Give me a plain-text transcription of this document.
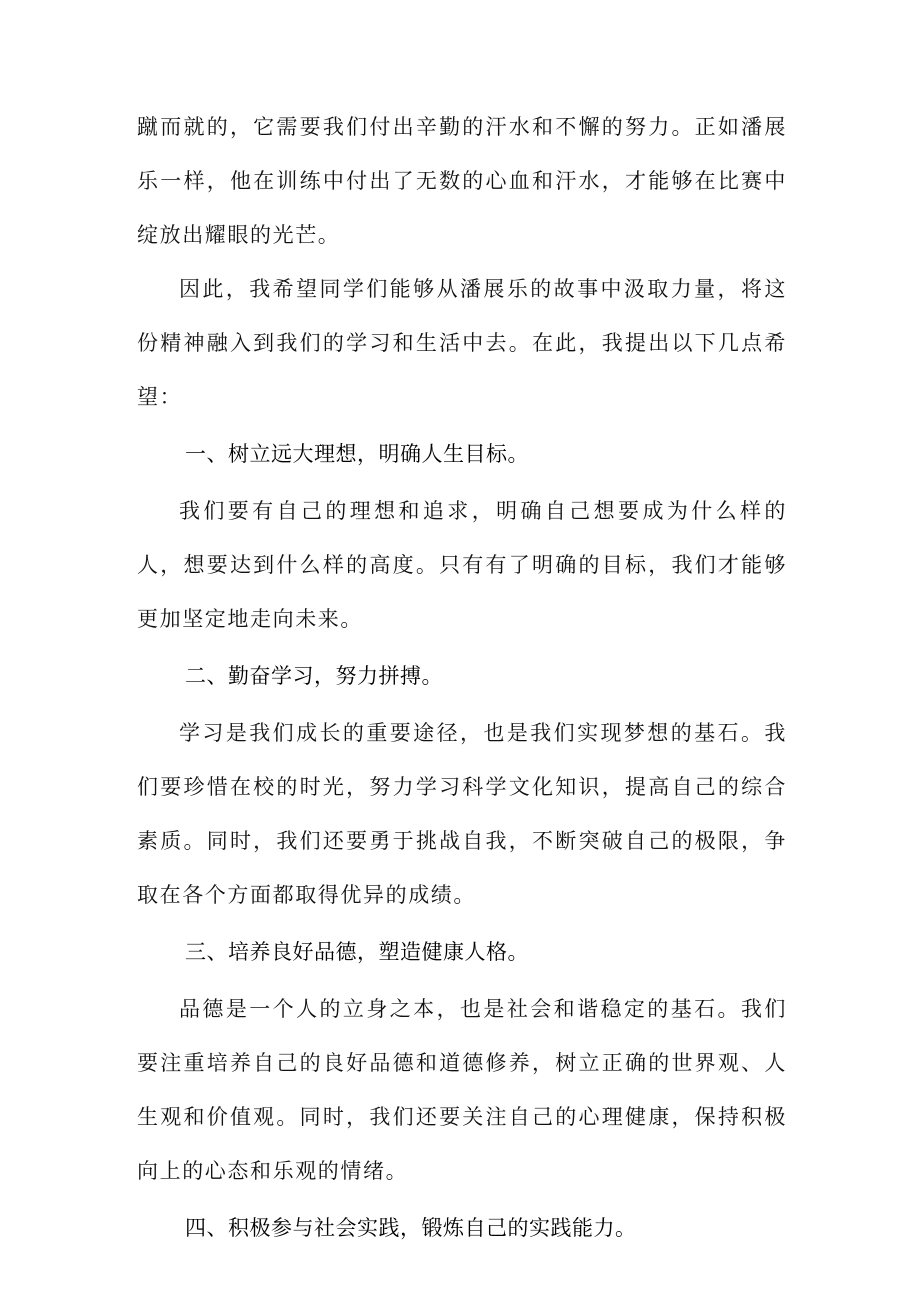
蹴而就的，它需要我们付出辛勤的汗水和不懈的努力。正如潘展乐一样，他在训练中付出了无数的心血和汗水，才能够在比赛中绽放出耀眼的光芒。

因此，我希望同学们能够从潘展乐的故事中汲取力量，将这份精神融入到我们的学习和生活中去。在此，我提出以下几点希望：

一、树立远大理想，明确人生目标。

我们要有自己的理想和追求，明确自己想要成为什么样的人，想要达到什么样的高度。只有有了明确的目标，我们才能够更加坚定地走向未来。

二、勤奋学习，努力拼搏。

学习是我们成长的重要途径，也是我们实现梦想的基石。我们要珍惜在校的时光，努力学习科学文化知识，提高自己的综合素质。同时，我们还要勇于挑战自我，不断突破自己的极限，争取在各个方面都取得优异的成绩。

三、培养良好品德，塑造健康人格。

品德是一个人的立身之本，也是社会和谐稳定的基石。我们要注重培养自己的良好品德和道德修养，树立正确的世界观、人生观和价值观。同时，我们还要关注自己的心理健康，保持积极向上的心态和乐观的情绪。

四、积极参与社会实践，锻炼自己的实践能力。
